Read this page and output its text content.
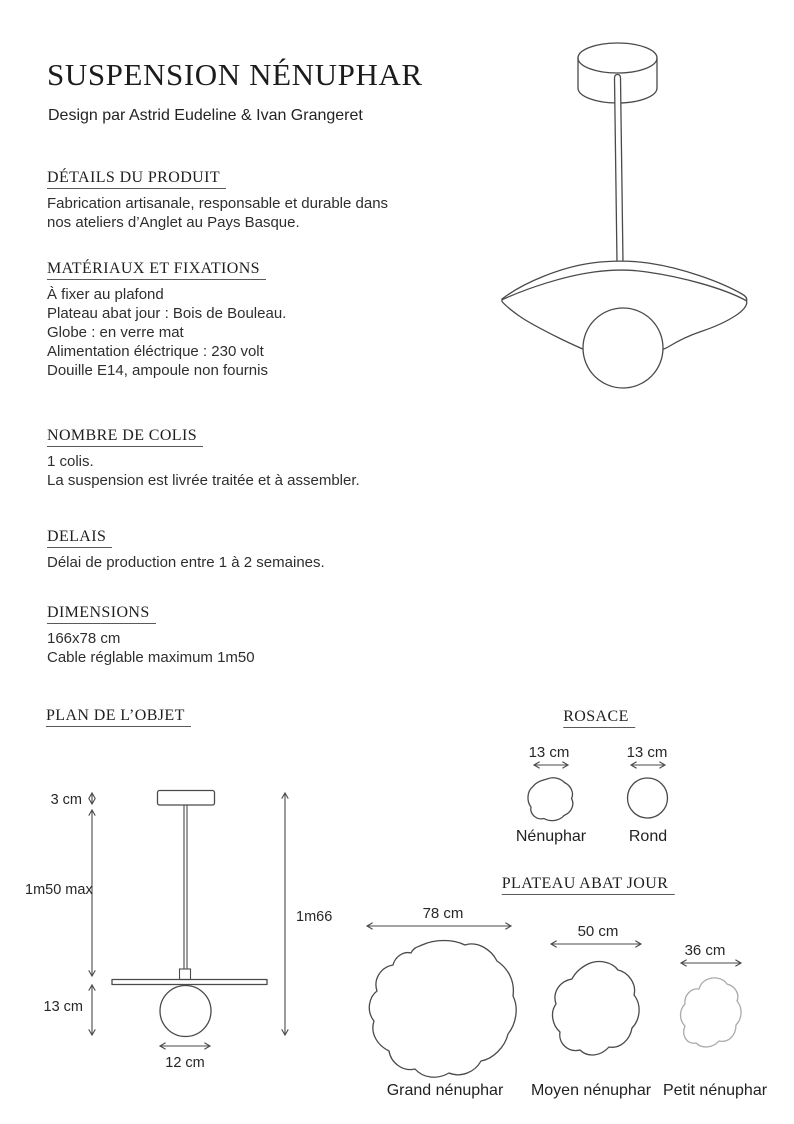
SUSPENSION NÉNUPHAR
Design par Astrid Eudeline & Ivan Grangeret
DÉTAILS DU PRODUIT
Fabrication artisanale, responsable et durable dans
nos ateliers d’Anglet au Pays Basque.
MATÉRIAUX ET FIXATIONS
À fixer au plafond
Plateau abat jour : Bois de Bouleau.
Globe : en verre mat
Alimentation éléctrique : 230 volt
Douille E14, ampoule non fournis
NOMBRE DE COLIS
1 colis.
La suspension est livrée traitée et à assembler.
DELAIS
Délai de production entre 1 à 2 semaines.
DIMENSIONS
166x78 cm
Cable réglable maximum 1m50
PLAN DE L’OBJET
3 cm
1m50 max
13 cm
1m66
12 cm
ROSACE
13 cm
Nénuphar
13 cm
Rond
PLATEAU ABAT JOUR
78 cm
Grand nénuphar
50 cm
Moyen nénuphar
36 cm
Petit nénuphar
